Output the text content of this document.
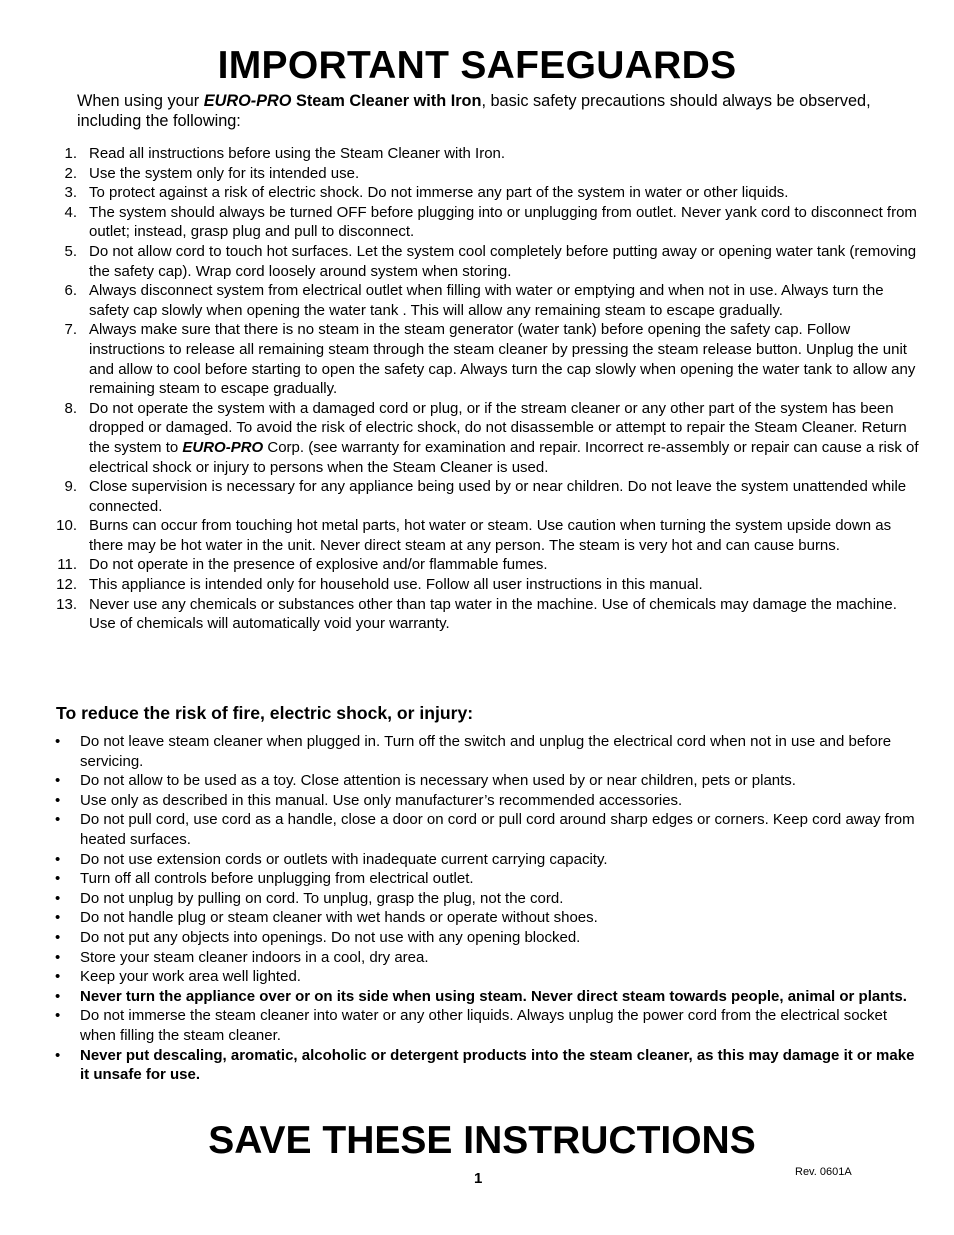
IMPORTANT SAFEGUARDS
When using your EURO-PRO Steam Cleaner with Iron, basic safety precautions should always be observed, including the following:
1. Read all instructions before using the Steam Cleaner with Iron.
2. Use the system only for its intended use.
3. To protect against a risk of electric shock. Do not immerse any part of the system in water or other liquids.
4. The system should always be turned OFF before plugging into or unplugging from outlet. Never yank cord to disconnect from outlet; instead, grasp plug and pull to disconnect.
5. Do not allow cord to touch hot surfaces. Let the system cool completely before putting away or opening water tank (removing the safety cap). Wrap cord loosely around system when storing.
6. Always disconnect system from electrical outlet when filling with water or emptying and when not in use. Always turn the safety cap slowly when opening the water tank . This will allow any remaining steam to escape gradually.
7. Always make sure that there is no steam in the steam generator (water tank) before opening the safety cap. Follow instructions to release all remaining steam through the steam cleaner by pressing the steam release button. Unplug the unit and allow to cool before starting to open the safety cap. Always turn the cap slowly when opening the water tank to allow any remaining steam to escape gradually.
8. Do not operate the system with a damaged cord or plug, or if the stream cleaner or any other part of the system has been dropped or damaged. To avoid the risk of electric shock, do not disassemble or attempt to repair the Steam Cleaner. Return the system to EURO-PRO Corp. (see warranty for examination and repair. Incorrect re-assembly or repair can cause a risk of electrical shock or injury to persons when the Steam Cleaner is used.
9. Close supervision is necessary for any appliance being used by or near children. Do not leave the system unattended while connected.
10. Burns can occur from touching hot metal parts, hot water or steam. Use caution when turning the system upside down as there may be hot water in the unit. Never direct steam at any person. The steam is very hot and can cause burns.
11. Do not operate in the presence of explosive and/or flammable fumes.
12. This appliance is intended only for household use. Follow all user instructions in this manual.
13. Never use any chemicals or substances other than tap water in the machine. Use of chemicals may damage the machine. Use of chemicals will automatically void your warranty.
To reduce the risk of fire, electric shock, or injury:
• Do not leave steam cleaner when plugged in. Turn off the switch and unplug the electrical cord when not in use and before servicing.
• Do not allow to be used as a toy. Close attention is necessary when used by or near children, pets or plants.
• Use only as described in this manual. Use only manufacturer’s recommended accessories.
• Do not pull cord, use cord as a handle, close a door on cord or pull cord around sharp edges or corners. Keep cord away from heated surfaces.
• Do not use extension cords or outlets with inadequate current carrying capacity.
• Turn off all controls before unplugging from electrical outlet.
• Do not unplug by pulling on cord. To unplug, grasp the plug, not the cord.
• Do not handle plug or steam cleaner with wet hands or operate without shoes.
• Do not put any objects into openings. Do not use with any opening blocked.
• Store your steam cleaner indoors in a cool, dry area.
• Keep your work area well lighted.
• Never turn the appliance over or on its side when using steam. Never direct steam towards people, animal or plants.
• Do not immerse the steam cleaner into water or any other liquids. Always unplug the power cord from the electrical socket when filling the steam cleaner.
• Never put descaling, aromatic, alcoholic or detergent products into the steam cleaner, as this may damage it or make it unsafe for use.
SAVE THESE INSTRUCTIONS
1	Rev. 0601A
